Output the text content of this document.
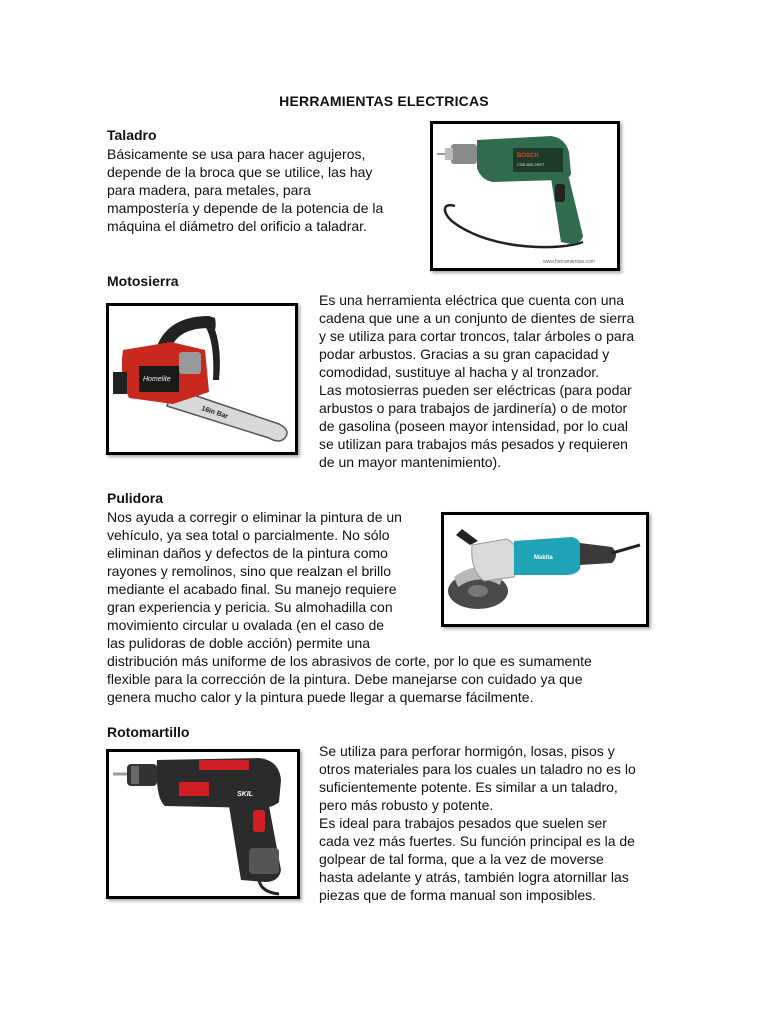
HERRAMIENTAS ELECTRICAS
Taladro
Básicamente se usa para hacer agujeros,
depende de la broca que se utilice, las hay
para madera, para metales, para
mampostería y depende de la potencia de la
máquina el diámetro del orificio a taladrar.
BOSCH
CSB 850-2RET
www.herramientas.com
Motosierra
16in Bar
Homelite
Es una herramienta eléctrica que cuenta con una
cadena que une a un conjunto de dientes de sierra
y se utiliza para cortar troncos, talar árboles o para
podar arbustos. Gracias a su gran capacidad y
comodidad, sustituye al hacha y al tronzador.
Las motosierras pueden ser eléctricas (para podar
arbustos o para trabajos de jardinería) o de motor
de gasolina (poseen mayor intensidad, por lo cual
se utilizan para trabajos más pesados y requieren
de un mayor mantenimiento).
Pulidora
Nos ayuda a corregir o eliminar la pintura de un
vehículo, ya sea total o parcialmente. No sólo
eliminan daños y defectos de la pintura como
rayones y remolinos, sino que realzan el brillo
mediante el acabado final. Su manejo requiere
gran experiencia y pericia. Su almohadilla con
movimiento circular u ovalada (en el caso de
las pulidoras de doble acción) permite una
distribución más uniforme de los abrasivos de corte, por lo que es sumamente
flexible para la corrección de la pintura. Debe manejarse con cuidado ya que
genera mucho calor y la pintura puede llegar a quemarse fácilmente.
Makita
Rotomartillo
SKIL
Se utiliza para perforar hormigón, losas, pisos y
otros materiales para los cuales un taladro no es lo
suficientemente potente. Es similar a un taladro,
pero más robusto y potente.
Es ideal para trabajos pesados que suelen ser
cada vez más fuertes. Su función principal es la de
golpear de tal forma, que a la vez de moverse
hasta adelante y atrás, también logra atornillar las
piezas que de forma manual son imposibles.
